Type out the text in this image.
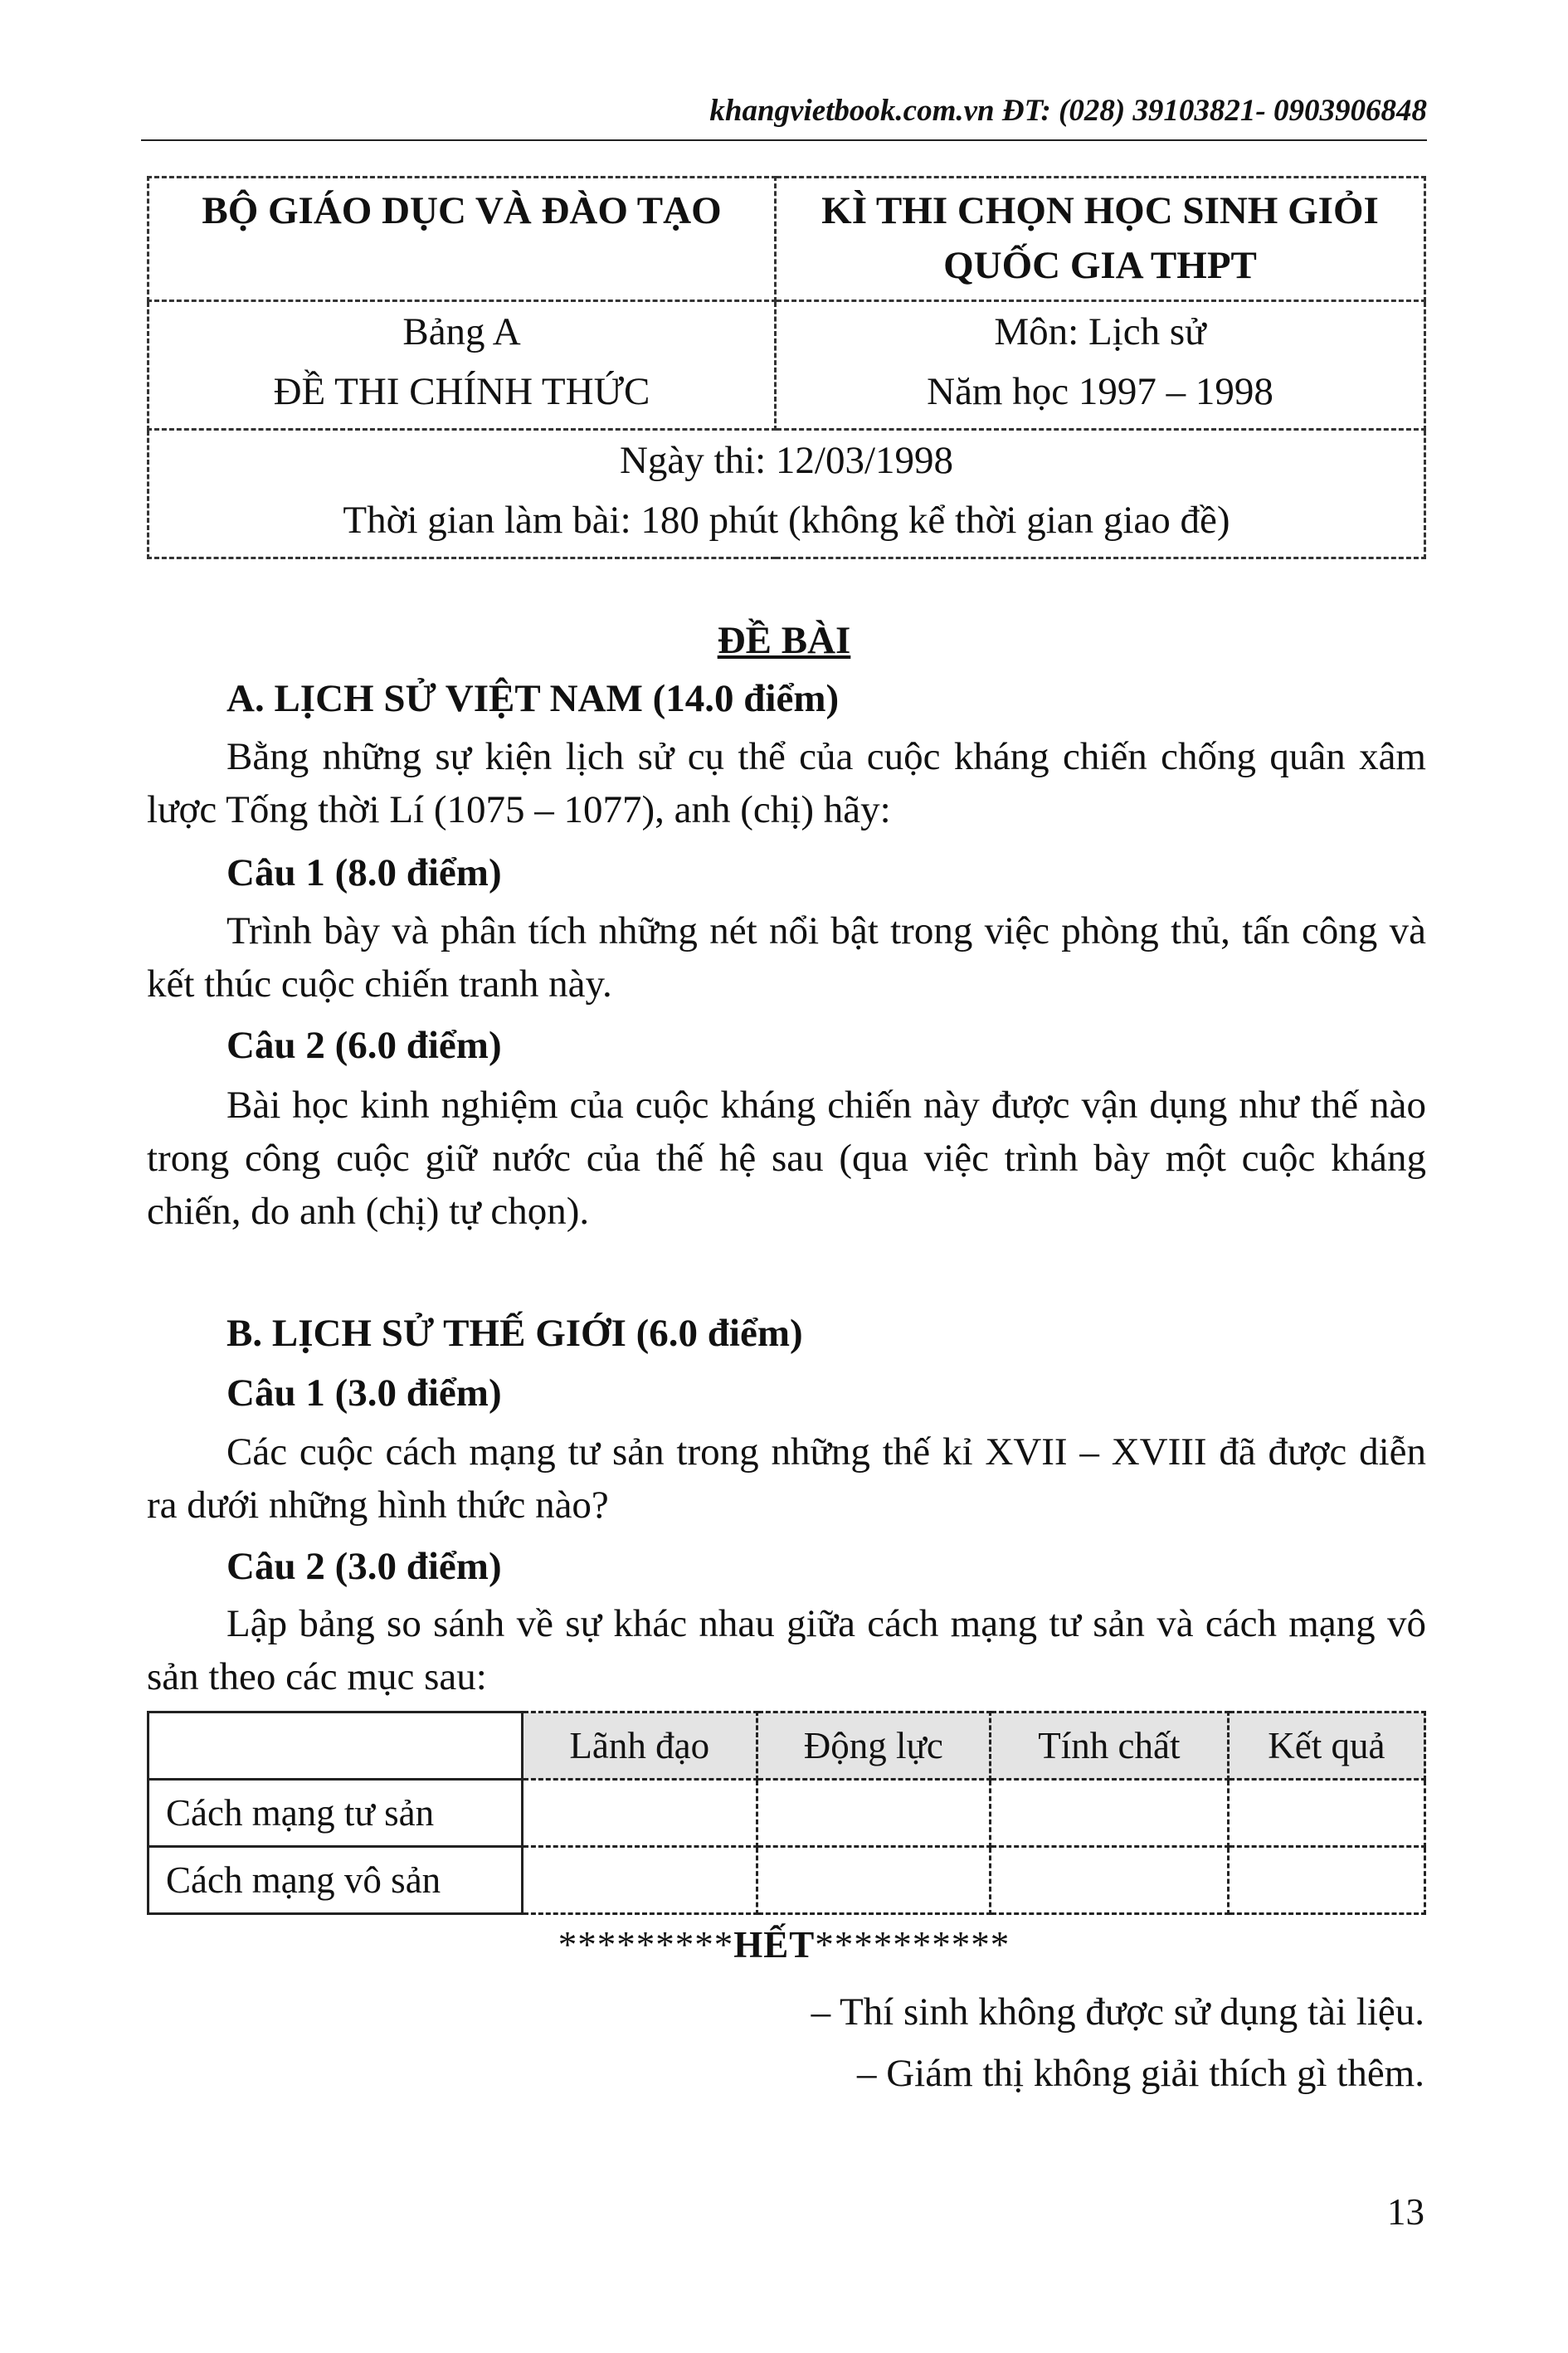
khangvietbook.com.vn ĐT: (028) 39103821- 0903906848
BỘ GIÁO DỤC VÀ ĐÀO TẠO	KÌ THI CHỌN HỌC SINH GIỎI
QUỐC GIA THPT

Bảng A
ĐỀ THI CHÍNH THỨC	Môn: Lịch sử
Năm học 1997 – 1998

Ngày thi: 12/03/1998
Thời gian làm bài: 180 phút (không kể thời gian giao đề)	
ĐỀ BÀI
A. LỊCH SỬ VIỆT NAM (14.0 điểm)

Bằng những sự kiện lịch sử cụ thể của cuộc kháng chiến chống quân xâm lược Tống thời Lí (1075 – 1077), anh (chị) hãy:

Câu 1 (8.0 điểm)

Trình bày và phân tích những nét nổi bật trong việc phòng thủ, tấn công và kết thúc cuộc chiến tranh này.

Câu 2 (6.0 điểm)

Bài học kinh nghiệm của cuộc kháng chiến này được vận dụng như thế nào trong công cuộc giữ nước của thế hệ sau (qua việc trình bày một cuộc kháng chiến, do anh (chị) tự chọn).

B. LỊCH SỬ THẾ GIỚI (6.0 điểm)
Câu 1 (3.0 điểm)

Các cuộc cách mạng tư sản trong những thế kỉ XVII – XVIII đã được diễn ra dưới những hình thức nào?

Câu 2 (3.0 điểm)

Lập bảng so sánh về sự khác nhau giữa cách mạng tư sản và cách mạng vô sản theo các mục sau:

	Lãnh đạo	Động lực	Tính chất	Kết quả
Cách mạng tư sản				
Cách mạng vô sản				
*********HẾT**********
– Thí sinh không được sử dụng tài liệu.
– Giám thị không giải thích gì thêm.
13
